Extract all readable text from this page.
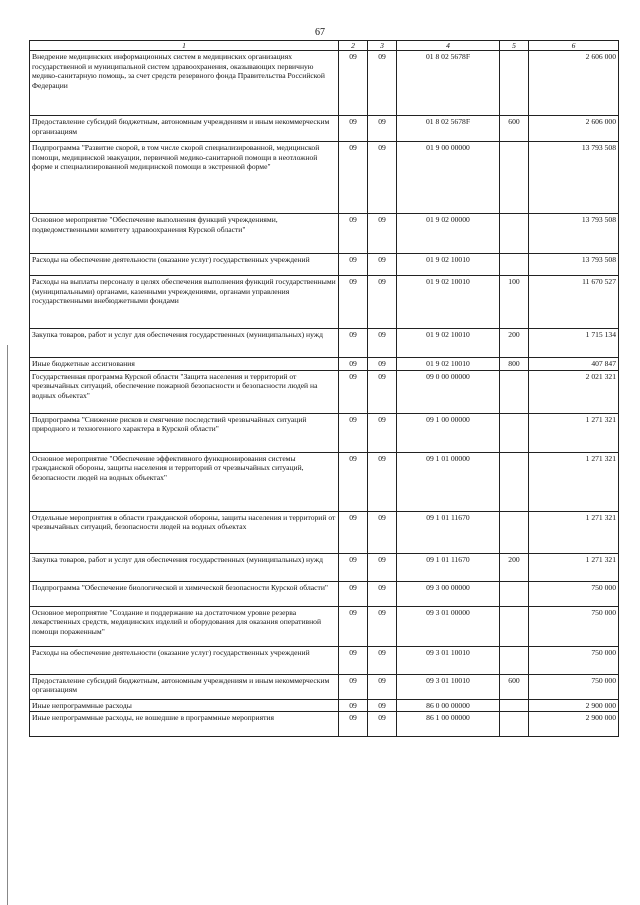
67
1	2	3	4	5	6
Внедрение медицинских информационных систем в медицинских организациях государственной и муниципальной систем здравоохранения, оказывающих первичную медико-санитарную помощь, за счет средств резервного фонда Правительства Российской Федерации	09	09	01 8 02 5678F		2 606 000
Предоставление субсидий бюджетным, автономным учреждениям и иным некоммерческим организациям	09	09	01 8 02 5678F	600	2 606 000
Подпрограмма "Развитие скорой, в том числе скорой специализированной, медицинской помощи, медицинской эвакуации, первичной медико-санитарной помощи в неотложной форме и специализированной медицинской помощи в экстренной форме"	09	09	01 9 00 00000		13 793 508
Основное мероприятие "Обеспечение выполнения функций учреждениями, подведомственными комитету здравоохранения Курской области"	09	09	01 9 02 00000		13 793 508
Расходы на обеспечение деятельности (оказание услуг) государственных учреждений	09	09	01 9 02 10010		13 793 508
Расходы на выплаты персоналу в целях обеспечения выполнения функций государственными (муниципальными) органами, казенными учреждениями, органами управления государственными внебюджетными фондами	09	09	01 9 02 10010	100	11 670 527
Закупка товаров, работ и услуг для обеспечения государственных (муниципальных) нужд	09	09	01 9 02 10010	200	1 715 134
Иные бюджетные ассигнования	09	09	01 9 02 10010	800	407 847
Государственная программа Курской области "Защита населения и территорий от чрезвычайных ситуаций, обеспечение пожарной безопасности и безопасности людей на водных объектах"	09	09	09 0 00 00000		2 021 321
Подпрограмма "Снижение рисков и смягчение последствий чрезвычайных ситуаций природного и техногенного характера в Курской области"	09	09	09 1 00 00000		1 271 321
Основное мероприятие "Обеспечение эффективного функционирования системы гражданской обороны, защиты населения и территорий от чрезвычайных ситуаций, безопасности людей на водных объектах"	09	09	09 1 01 00000		1 271 321
Отдельные мероприятия в области гражданской обороны, защиты населения и территорий от чрезвычайных ситуаций, безопасности людей на водных объектах	09	09	09 1 01 11670		1 271 321
Закупка товаров, работ и услуг для обеспечения государственных (муниципальных) нужд	09	09	09 1 01 11670	200	1 271 321
Подпрограмма "Обеспечение биологической и химической безопасности Курской области"	09	09	09 3 00 00000		750 000
Основное мероприятие "Создание и поддержание на достаточном уровне резерва лекарственных средств, медицинских изделий и оборудования для оказания оперативной помощи пораженным"	09	09	09 3 01 00000		750 000
Расходы на обеспечение деятельности (оказание услуг) государственных учреждений	09	09	09 3 01 10010		750 000
Предоставление субсидий бюджетным, автономным учреждениям и иным некоммерческим организациям	09	09	09 3 01 10010	600	750 000
Иные непрограммные расходы	09	09	86 0 00 00000		2 900 000
Иные непрограммные расходы, не вошедшие в программные мероприятия	09	09	86 1 00 00000		2 900 000
